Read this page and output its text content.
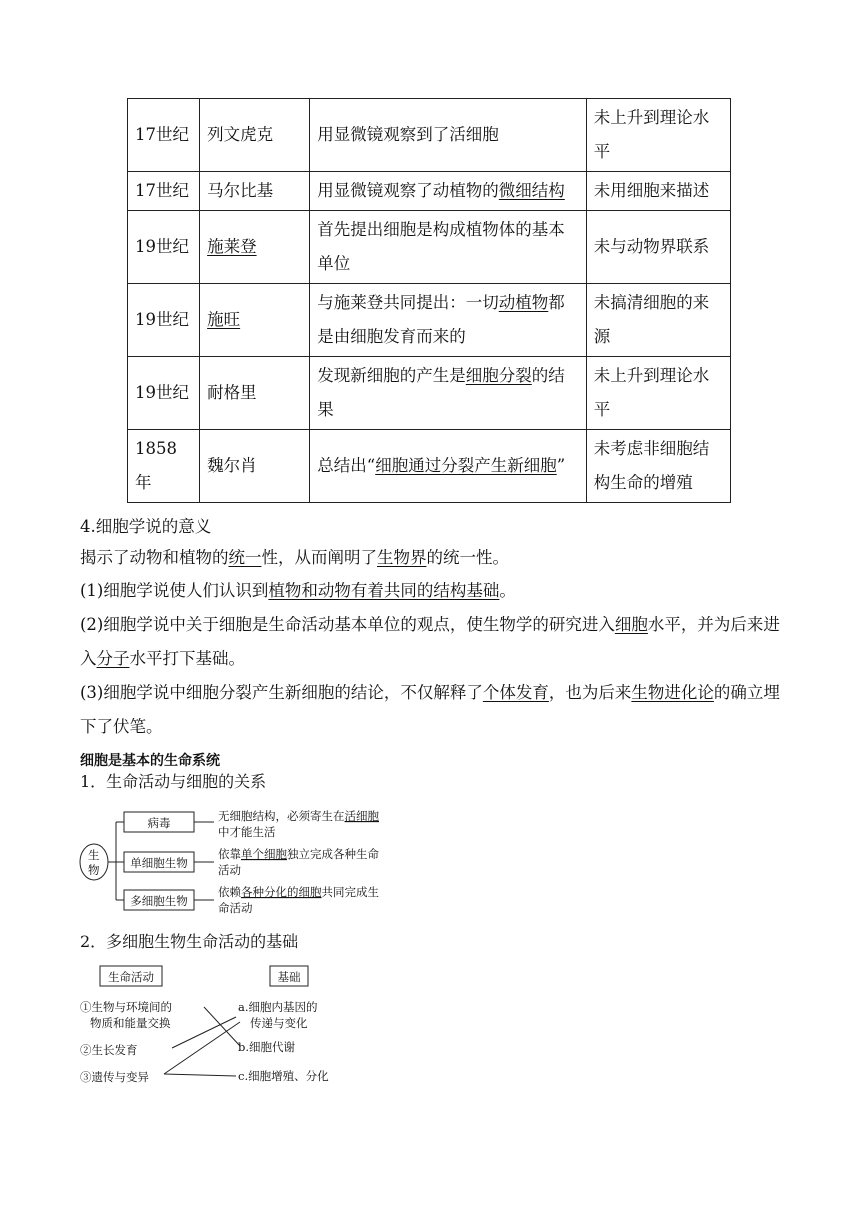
17世纪	列文虎克	用显微镜观察到了活细胞	未上升到理论水平
17世纪	马尔比基	用显微镜观察了动植物的微细结构	未用细胞来描述
19世纪	施莱登	首先提出细胞是构成植物体的基本单位	未与动物界联系
19世纪	施旺	与施莱登共同提出：一切动植物都是由细胞发育而来的	未搞清细胞的来源
19世纪	耐格里	发现新细胞的产生是细胞分裂的结果	未上升到理论水平
1858年	魏尔肖	总结出“细胞通过分裂产生新细胞”	未考虑非细胞结构生命的增殖
4.细胞学说的意义
揭示了动物和植物的统一性，从而阐明了生物界的统一性。
(1)细胞学说使人们认识到植物和动物有着共同的结构基础。
(2)细胞学说中关于细胞是生命活动基本单位的观点，使生物学的研究进入细胞水平，并为后来进入分子水平打下基础。
(3)细胞学说中细胞分裂产生新细胞的结论，不仅解释了个体发育，也为后来生物进化论的确立埋下了伏笔。
细胞是基本的生命系统
1．生命活动与细胞的关系
生
物
病毒
单细胞生物
多细胞生物
无细胞结构，必须寄生在活细胞
中才能生活
依靠单个细胞独立完成各种生命
活动
依赖各种分化的细胞共同完成生
命活动
2．多细胞生物生命活动的基础
生命活动	基础
①生物与环境间的
物质和能量交换
②生长发育
③遗传与变异
a.细胞内基因的
传递与变化
b.细胞代谢
c.细胞增殖、分化
